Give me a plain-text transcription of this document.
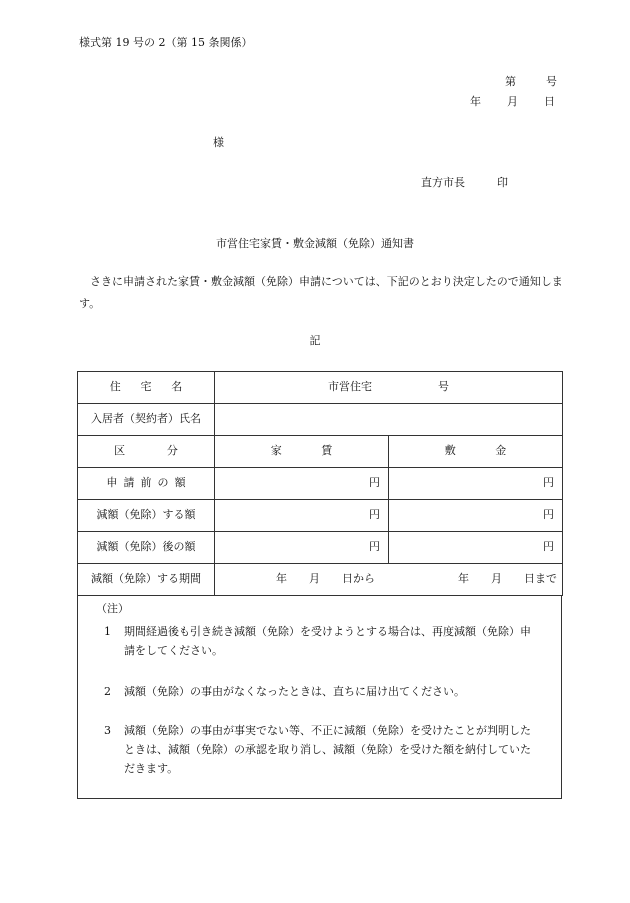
様式第 19 号の 2（第 15 条関係）
第	号
年 月 日
様
直方市長	印
市営住宅家賃・敷金減額（免除）通知書
さきに申請された家賃・敷金減額（免除）申請については、下記のとおり決定したので通知します。
記
住宅名	市営住宅　　　　　　号	
入居者（契約者）氏名		
区分	家賃	敷金
申請前の額	円	円
減額（免除）する額	円	円
減額（免除）後の額	円	円
減額（免除）する期間	年　　月　　日から 年　　月　　日まで	
（注）
1	期間経過後も引き続き減額（免除）を受けようとする場合は、再度減額（免除）申請をしてください。
2	減額（免除）の事由がなくなったときは、直ちに届け出てください。
3	減額（免除）の事由が事実でない等、不正に減額（免除）を受けたことが判明したときは、減額（免除）の承認を取り消し、減額（免除）を受けた額を納付していただきます。
